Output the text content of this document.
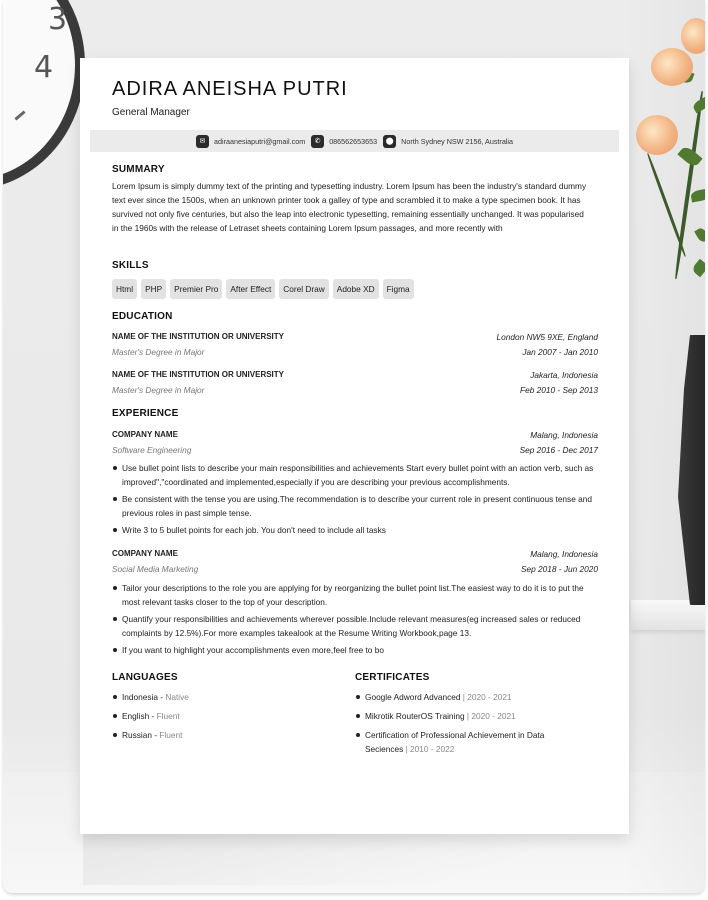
3
4
ADIRA ANEISHA PUTRI
General Manager
✉	adiraanesiaputri@gmail.com	✆	086562653653	⬤	North Sydney NSW 2156, Australia
SUMMARY
Lorem Ipsum is simply dummy text of the printing and typesetting industry. Lorem Ipsum has been the industry's standard dummy text ever since the 1500s, when an unknown printer took a galley of type and scrambled it to make a type specimen book. It has survived not only five centuries, but also the leap into electronic typesetting, remaining essentially unchanged. It was popularised in the 1960s with the release of Letraset sheets containing Lorem Ipsum passages, and more recently with
SKILLS
Html	PHP	Premier Pro	After Effect	Corel Draw	Adobe XD	Figma
EDUCATION
NAME OF THE INSTITUTION OR UNIVERSITY	London NW5 9XE, England
Master's Degree in Major	Jan 2007 - Jan 2010
NAME OF THE INSTITUTION OR UNIVERSITY	Jakarta, Indonesia
Master's Degree in Major	Feb 2010 - Sep 2013
EXPERIENCE
COMPANY NAME	Malang, Indonesia
Software Engineering	Sep 2016 - Dec 2017
Use bullet point lists to describe your main responsibilities and achievements Start every bullet point with an action verb, such as improved","coordinated and implemented,especially if you are describing your previous accomplishments.
Be consistent with the tense you are using.The recommendation is to describe your current role in present continuous tense and previous roles in past simple tense.
Write 3 to 5 bullet points for each job. You don't need to include all tasks
COMPANY NAME	Malang, Indonesia
Social Media Marketing	Sep 2018 - Jun 2020
Tailor your descriptions to the role you are applying for by reorganizing the bullet point list.The easiest way to do it is to put the most relevant tasks closer to the top of your description.
Quantify your responsibilities and achievements wherever possible.Include relevant measures(eg increased sales or reduced complaints by 12.5%).For more examples takealook at the Resume Writing Workbook,page 13.
If you want to highlight your accomplishments even more,feel free to bo
LANGUAGES
Indonesia - Native
English - Fluent
Russian - Fluent
CERTIFICATES
Google Adword Advanced | 2020 - 2021
Mikrotik RouterOS Training | 2020 - 2021
Certification of Professional Achievement in Data Seciences | 2010 - 2022
